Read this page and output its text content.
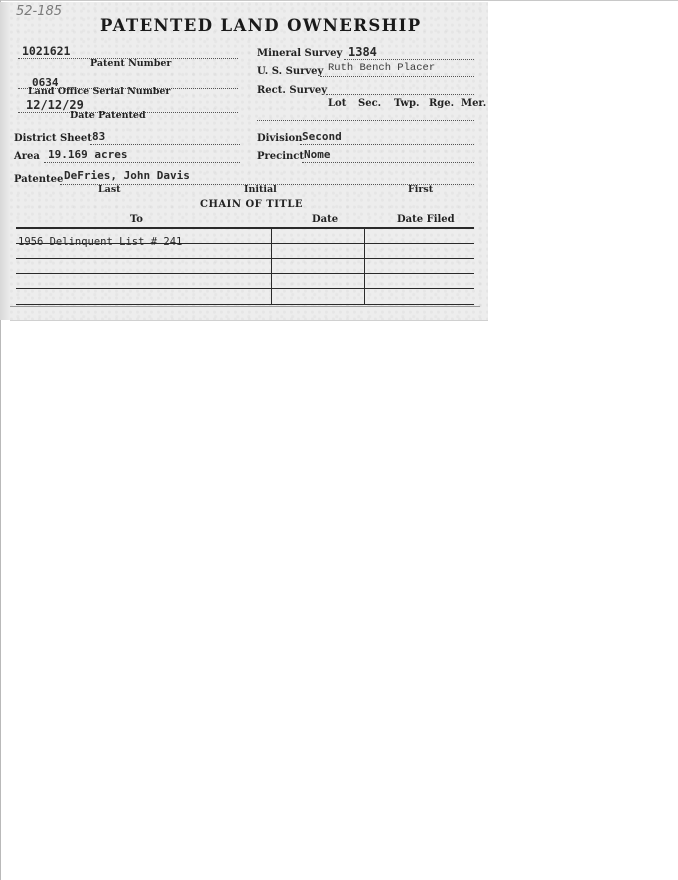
52-185
PATENTED LAND OWNERSHIP
1021621
Patent Number
0634
Land Office Serial Number
12/12/29
Date Patented
District Sheet 83
Area 19.169 acres
Mineral Survey 1384
U. S. Survey Ruth Bench Placer
Rect. Survey
Lot Sec. Twp. Rge. Mer.
Division Second
Precinct Nome
Patentee DeFries, John Davis
Last	Initial	First
CHAIN OF TITLE
To	Date	Date Filed
1956 Delinquent List # 241
